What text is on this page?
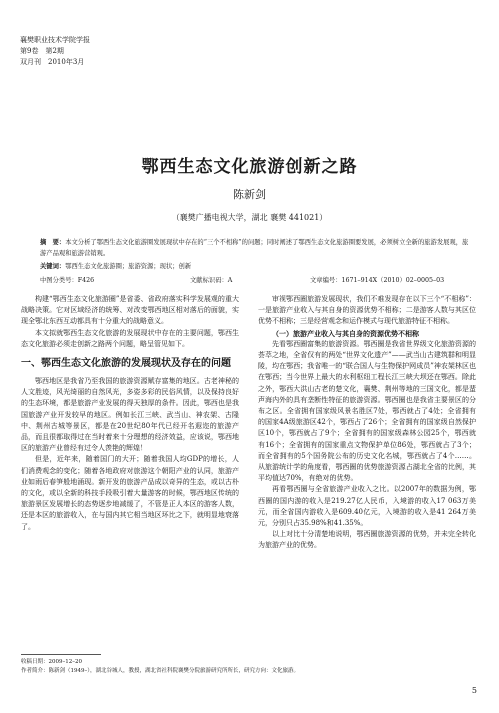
襄樊职业技术学院学报
第9卷　第2期
双月刊　2010年3月
鄂西生态文化旅游创新之路
陈新剑
（襄樊广播电视大学，湖北 襄樊 441021）
摘　要：本文分析了鄂西生态文化旅游圈发展现状中存在的“三个不相称”的问题；同时阐述了鄂西生态文化旅游圈要发展，必须树立全新的旅游发展观，旅游产品观和旅游营销观。
关键词：鄂西生态文化旅游圈；旅游资源；现状；创新
中图分类号：F426	文献标识码：A	文章编号：1671–914X（2010）02–0005–03

构建“鄂西生态文化旅游圈”是省委、省政府落实科学发展观的重大战略决策。它对区域经济的统筹、对改变鄂西地区相对落后的面貌，实现全鄂北东西互动都具有十分重大的战略意义。

本文拟就鄂西生态文化旅游的发展现状中存在的主要问题，鄂西生态文化旅游必须走创新之路两个问题，略呈管见如下。

一、鄂西生态文化旅游的发展现状及存在的问题

鄂西地区是我省乃至我国的旅游资源赋存富集的地区。古老神秘的人文胜迹，风光绮丽的自然风光，多姿多彩的民俗风情，以及保持良好的生态环境，都是旅游产业发展的得天独厚的条件。因此，鄂西也是我国旅游产业开发较早的地区。例如长江三峡、武当山、神农架、古隆中、荆州古城等景区，都是在20世纪80年代已经开名遐迩的旅游产品，而且很都取得过在当时着来十分理想的经济效益，应该说，鄂西地区的旅游产业曾经有过令人羡艳的辉煌！

但是，近年来，随着国门的大开；随着我国人均GDP的增长，人们消费观念的变化；随着各地政府对旅游这个朝阳产业的认同，旅游产业如雨后春笋般地涌现。新开发的旅游产品成以奇异的生态，或以古朴的文化，或以全新的科技手段吸引着大量游客的时候，鄂西地区传统的旅游景区发展增长的态势逐步地减缓了，不管是正人本区的游客人数，还是本区的旅游收入，在与国内其它相当地区环比之下，就明显地衰落了。

审视鄂西圈旅游发展现状，我们不难发现存在以下三个“不相称”：一是旅游产业收入与其自身的资源优势不相称；二是游客人数与其区位优势不相称；三是经营观念和运作模式与现代旅游特征不相称。

（一）旅游产业收入与其自身的资源优势不相称

先看鄂西圈富集的旅游资源。鄂西圈是我省世界级文化旅游资源的荟萃之地，全省仅有的两处“世界文化遗产”——武当山古建筑群和明显陵，均在鄂西；我省唯一的“联合国人与生物保护网成员”神农架林区也在鄂西；当今世界上最大的水利枢纽工程长江三峡大坝还在鄂西。除此之外，鄂西大洪山古老的楚文化，襄樊、荆州等地的三国文化，都是蜚声海内外的具有垄断性特征的旅游资源。鄂西圈也是我省主要景区的分布之区。全省拥有国家级风景名胜区7处，鄂西就占了4处；全省拥有的国家4A级旅游区42个，鄂西占了26个；全省拥有的国家级自然保护区10个，鄂西就占了9个；全省拥有的国家级森林公园25个，鄂西就有16个；全省拥有的国家重点文物保护单位86处，鄂西就占了3个；而全省拥有的5个国务院公布的历史文化名城，鄂西就占了4个……。从旅游统计学的角度看，鄂西圈的优势旅游资源占湖北全省的比例，其平均值达70%，有绝对的优势。

再看鄂西圈与全省旅游产业收入之比。以2007年的数据为例，鄂西圈的国内游的收入是219.27亿人民币，入境游的收入17 063万美元，而全省国内游收入是609.40亿元，入境游的收入是41 264万美元，分别只占35.98%和41.35%。

以上对比十分清楚地说明，鄂西圈旅游资源的优势，并未完全转化为旅游产业的优势。

收稿日期：2009–12–20
作者简介：陈新剑（1949–），湖北谷城人，教授，湖北省社科院襄樊分院旅游研究所所长，研究方向：文化旅游。
5
